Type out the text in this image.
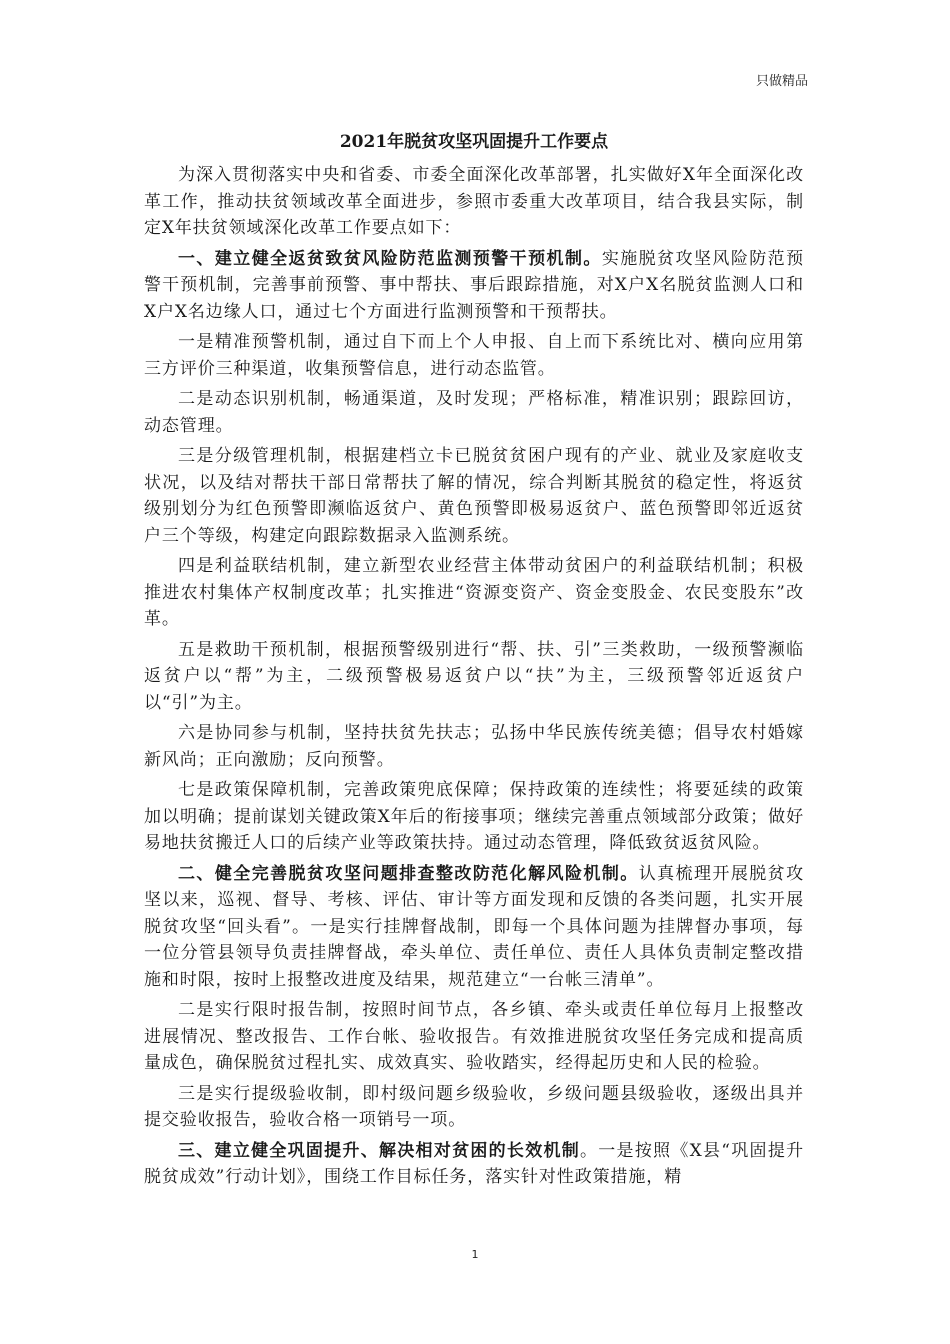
只做精品
2021年脱贫攻坚巩固提升工作要点

为深入贯彻落实中央和省委、市委全面深化改革部署，扎实做好X年全面深化改革工作，推动扶贫领域改革全面进步，参照市委重大改革项目，结合我县实际，制定X年扶贫领域深化改革工作要点如下：

一、建立健全返贫致贫风险防范监测预警干预机制。实施脱贫攻坚风险防范预警干预机制，完善事前预警、事中帮扶、事后跟踪措施，对X户X名脱贫监测人口和X户X名边缘人口，通过七个方面进行监测预警和干预帮扶。

一是精准预警机制，通过自下而上个人申报、自上而下系统比对、横向应用第三方评价三种渠道，收集预警信息，进行动态监管。

二是动态识别机制，畅通渠道，及时发现；严格标准，精准识别；跟踪回访，动态管理。

三是分级管理机制，根据建档立卡已脱贫贫困户现有的产业、就业及家庭收支状况，以及结对帮扶干部日常帮扶了解的情况，综合判断其脱贫的稳定性，将返贫级别划分为红色预警即濒临返贫户、黄色预警即极易返贫户、蓝色预警即邻近返贫户三个等级，构建定向跟踪数据录入监测系统。

四是利益联结机制，建立新型农业经营主体带动贫困户的利益联结机制；积极推进农村集体产权制度改革；扎实推进“资源变资产、资金变股金、农民变股东”改革。

五是救助干预机制，根据预警级别进行“帮、扶、引”三类救助，一级预警濒临返贫户以“帮”为主，二级预警极易返贫户以“扶”为主，三级预警邻近返贫户以“引”为主。

六是协同参与机制，坚持扶贫先扶志；弘扬中华民族传统美德；倡导农村婚嫁新风尚；正向激励；反向预警。

七是政策保障机制，完善政策兜底保障；保持政策的连续性；将要延续的政策加以明确；提前谋划关键政策X年后的衔接事项；继续完善重点领域部分政策；做好易地扶贫搬迁人口的后续产业等政策扶持。通过动态管理，降低致贫返贫风险。

二、健全完善脱贫攻坚问题排查整改防范化解风险机制。认真梳理开展脱贫攻坚以来，巡视、督导、考核、评估、审计等方面发现和反馈的各类问题，扎实开展脱贫攻坚“回头看”。一是实行挂牌督战制，即每一个具体问题为挂牌督办事项，每一位分管县领导负责挂牌督战，牵头单位、责任单位、责任人具体负责制定整改措施和时限，按时上报整改进度及结果，规范建立“一台帐三清单”。

二是实行限时报告制，按照时间节点，各乡镇、牵头或责任单位每月上报整改进展情况、整改报告、工作台帐、验收报告。有效推进脱贫攻坚任务完成和提高质量成色，确保脱贫过程扎实、成效真实、验收踏实，经得起历史和人民的检验。

三是实行提级验收制，即村级问题乡级验收，乡级问题县级验收，逐级出具并提交验收报告，验收合格一项销号一项。

三、建立健全巩固提升、解决相对贫困的长效机制。一是按照《X县“巩固提升脱贫成效”行动计划》，围绕工作目标任务，落实针对性政策措施，精

1
